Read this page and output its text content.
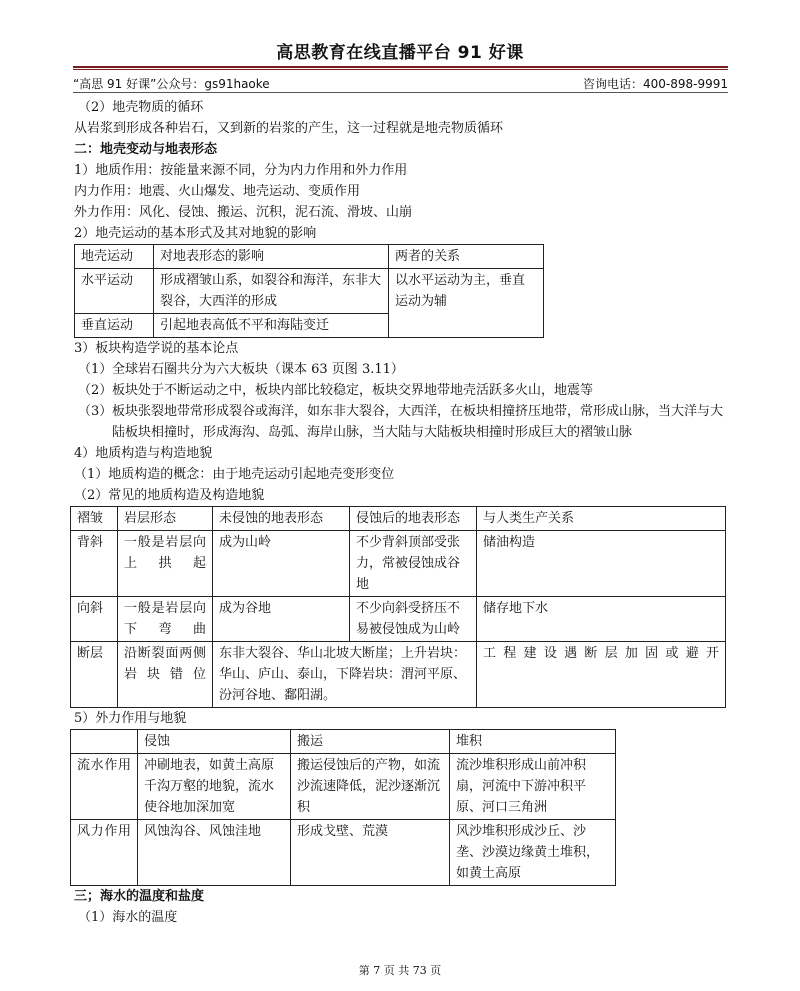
高思教育在线直播平台 91 好课
“高思 91 好课”公众号：gs91haoke	咨询电话：400-898-9991
（2）地壳物质的循环
从岩浆到形成各种岩石，又到新的岩浆的产生，这一过程就是地壳物质循环
二：地壳变动与地表形态
1）地质作用：按能量来源不同，分为内力作用和外力作用
内力作用：地震、火山爆发、地壳运动、变质作用
外力作用：风化、侵蚀、搬运、沉积，泥石流、滑坡、山崩
2）地壳运动的基本形式及其对地貌的影响
地壳运动	对地表形态的影响	两者的关系
水平运动	形成褶皱山系，如裂谷和海洋，东非大裂谷，大西洋的形成	以水平运动为主，垂直运动为辅
垂直运动	引起地表高低不平和海陆变迁	
3）板块构造学说的基本论点
（1） 全球岩石圈共分为六大板块（课本 63 页图 3.11）
（2） 板块处于不断运动之中，板块内部比较稳定，板块交界地带地壳活跃多火山，地震等
（3） 板块张裂地带常形成裂谷或海洋，如东非大裂谷，大西洋，在板块相撞挤压地带，常形成山脉，当大洋与大陆板块相撞时，形成海沟、岛弧、海岸山脉，当大陆与大陆板块相撞时形成巨大的褶皱山脉
4）地质构造与构造地貌
（1）地质构造的概念：由于地壳运动引起地壳变形变位
（2）常见的地质构造及构造地貌
褶皱	岩层形态	未侵蚀的地表形态	侵蚀后的地表形态	与人类生产关系
背斜	一般是岩层向上拱起	成为山岭	不少背斜顶部受张力，常被侵蚀成谷地	储油构造
向斜	一般是岩层向下弯曲	成为谷地	不少向斜受挤压不易被侵蚀成为山岭	储存地下水
断层	沿断裂面两侧岩块错位	东非大裂谷、华山北坡大断崖；上升岩块：华山、庐山、泰山，下降岩块：渭河平原、汾河谷地、鄱阳湖。		工程建设遇断层加固或避开
5）外力作用与地貌
	侵蚀	搬运	堆积
流水作用	冲刷地表，如黄土高原千沟万壑的地貌，流水使谷地加深加宽	搬运侵蚀后的产物，如流沙流速降低，泥沙逐渐沉积	流沙堆积形成山前冲积扇，河流中下游冲积平原、河口三角洲
风力作用	风蚀沟谷、风蚀洼地	形成戈壁、荒漠	风沙堆积形成沙丘、沙垄、沙漠边缘黄土堆积，如黄土高原
三；海水的温度和盐度
（1）海水的温度
第 7 页 共 73 页
